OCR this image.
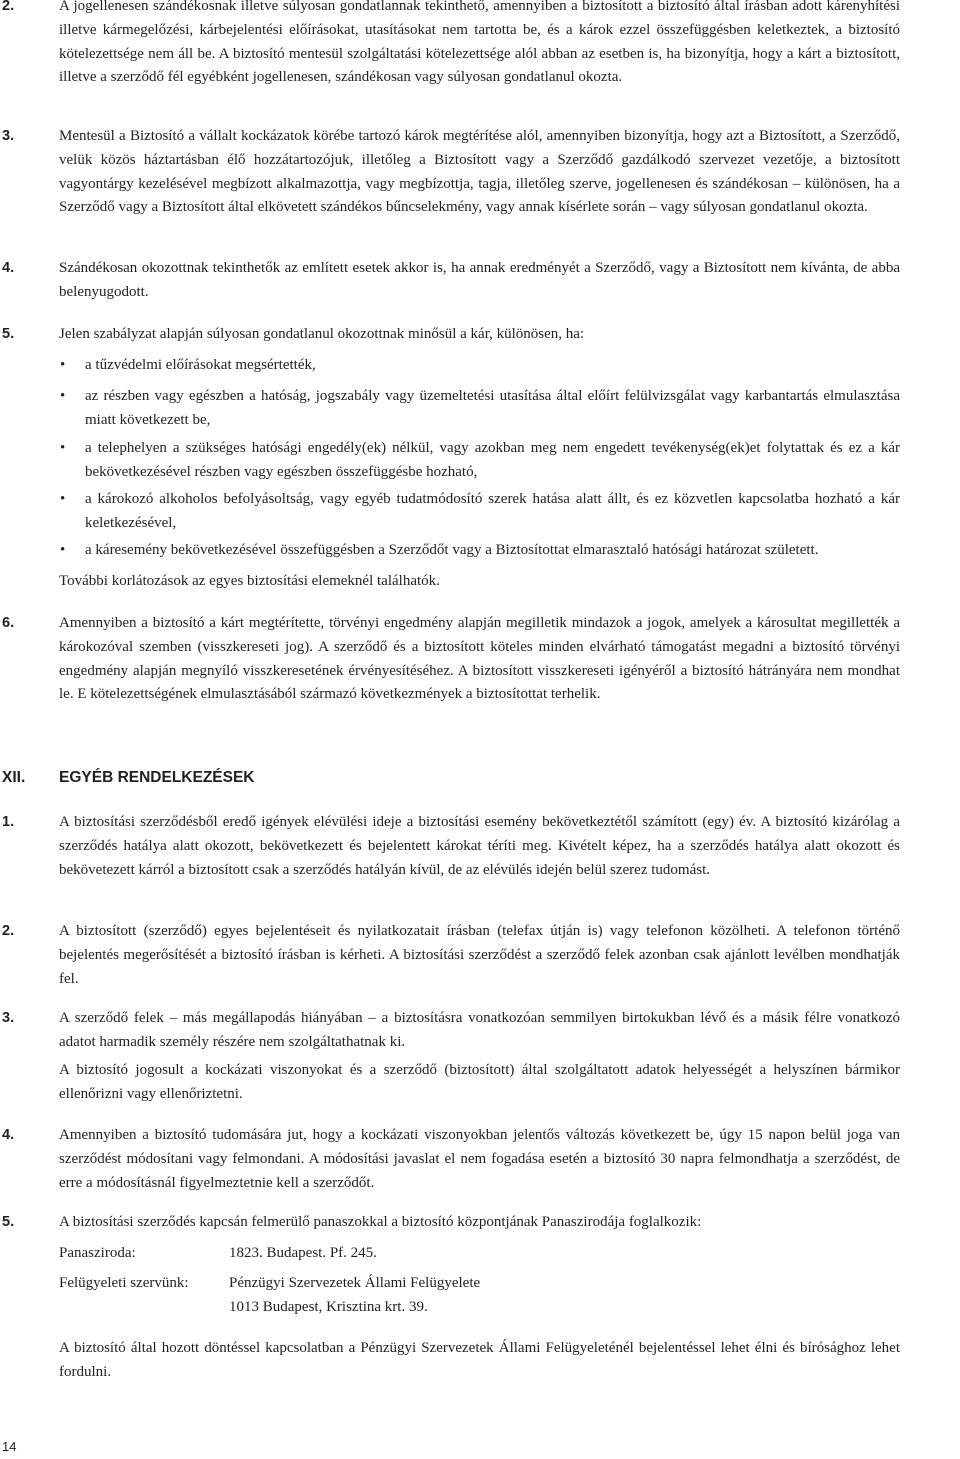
2.	A jogellenesen szándékosnak illetve súlyosan gondatlannak tekinthető, amennyiben a biztosított a biztosító által írásban adott kárenyhítési illetve kármegelőzési, kárbejelentési előírásokat, utasításokat nem tartotta be, és a károk ezzel összefüggésben keletkeztek, a biztosító kötelezettsége nem áll be. A biztosító mentesül szolgáltatási kötelezettsége alól abban az esetben is, ha bizonyítja, hogy a kárt a biztosított, illetve a szerződő fél egyébként jogellenesen, szándékosan vagy súlyosan gondatlanul okozta.
3.	Mentesül a Biztosító a vállalt kockázatok körébe tartozó károk megtérítése alól, amennyiben bizonyítja, hogy azt a Biztosított, a Szerződő, velük közös háztartásban élő hozzátartozójuk, illetőleg a Biztosított vagy a Szerződő gazdálkodó szervezet vezetője, a biztosított vagyontárgy kezelésével megbízott alkalmazottja, vagy megbízottja, tagja, illetőleg szerve, jogellenesen és szándékosan – különösen, ha a Szerződő vagy a Biztosított által elkövetett szándékos bűncselekmény, vagy annak kísérlete során – vagy súlyosan gondatlanul okozta.
4.	Szándékosan okozottnak tekinthetők az említett esetek akkor is, ha annak eredményét a Szerződő, vagy a Biztosított nem kívánta, de abba belenyugodott.
5.	Jelen szabályzat alapján súlyosan gondatlanul okozottnak minősül a kár, különösen, ha:
• a tűzvédelmi előírásokat megsértették,
• az részben vagy egészben a hatóság, jogszabály vagy üzemeltetési utasítása által előírt felülvizsgálat vagy karbantartás elmulasztása miatt következett be,
• a telephelyen a szükséges hatósági engedély(ek) nélkül, vagy azokban meg nem engedett tevékenység(ek)et folytattak és ez a kár bekövetkezésével részben vagy egészben összefüggésbe hozható,
• a károkozó alkoholos befolyásoltság, vagy egyéb tudatmódosító szerek hatása alatt állt, és ez közvetlen kapcsolatba hozható a kár keletkezésével,
• a káresemény bekövetkezésével összefüggésben a Szerződőt vagy a Biztosítottat elmarasztaló hatósági határozat született.
További korlátozások az egyes biztosítási elemeknél találhatók.
6.	Amennyiben a biztosító a kárt megtérítette, törvényi engedmény alapján megilletik mindazok a jogok, amelyek a károsultat megillették a károkozóval szemben (visszkereseti jog). A szerződő és a biztosított köteles minden elvárható támogatást megadni a biztosító törvényi engedmény alapján megnyíló visszkeresetének érvényesítéséhez. A biztosított visszkereseti igényéről a biztosító hátrányára nem mondhat le. E kötelezettségének elmulasztásából származó következmények a biztosítottat terhelik.
XII. EGYÉB RENDELKEZÉSEK
1.	A biztosítási szerződésből eredő igények elévülési ideje a biztosítási esemény bekövetkeztétől számított (egy) év. A biztosító kizárólag a szerződés hatálya alatt okozott, bekövetkezett és bejelentett károkat téríti meg. Kivételt képez, ha a szerződés hatálya alatt okozott és bekövetezett kárról a biztosított csak a szerződés hatályán kívül, de az elévülés idején belül szerez tudomást.
2.	A biztosított (szerződő) egyes bejelentéseit és nyilatkozatait írásban (telefax útján is) vagy telefonon közölheti. A telefonon történő bejelentés megerősítését a biztosító írásban is kérheti. A biztosítási szerződést a szerződő felek azonban csak ajánlott levélben mondhatják fel.
3.	A szerződő felek – más megállapodás hiányában – a biztosításra vonatkozóan semmilyen birtokukban lévő és a másik félre vonatkozó adatot harmadik személy részére nem szolgáltathatnak ki.
A biztosító jogosult a kockázati viszonyokat és a szerződő (biztosított) által szolgáltatott adatok helyességét a helyszínen bármikor ellenőrizni vagy ellenőriztetni.
4.	Amennyiben a biztosító tudomására jut, hogy a kockázati viszonyokban jelentős változás következett be, úgy 15 napon belül joga van szerződést módosítani vagy felmondani. A módosítási javaslat el nem fogadása esetén a biztosító 30 napra felmondhatja a szerződést, de erre a módosításnál figyelmeztetnie kell a szerződőt.
5.	A biztosítási szerződés kapcsán felmerülő panaszokkal a biztosító központjának Panaszirodája foglalkozik:
Panasziroda:	1823. Budapest. Pf. 245.
Felügyeleti szervünk:	Pénzügyi Szervezetek Állami Felügyelete
1013 Budapest, Krisztina krt. 39.
A biztosító által hozott döntéssel kapcsolatban a Pénzügyi Szervezetek Állami Felügyeleténél bejelentéssel lehet élni és bírósághoz lehet fordulni.
14
